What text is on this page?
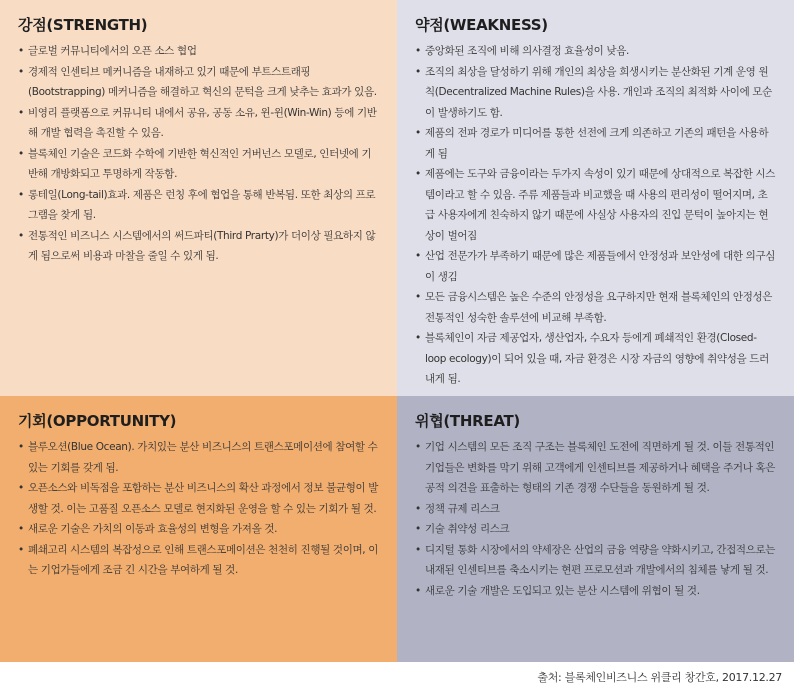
강점(STRENGTH)
• 글로벌 커뮤니티에서의 오픈 소스 협업
• 경제적 인센티브 메커니즘을 내재하고 있기 때문에 부트스트래핑(Bootstrapping) 메커니즘을 해결하고 혁신의 문턱을 크게 낮추는 효과가 있음.
• 비영리 플랫폼으로 커뮤니티 내에서 공유, 공동 소유, 윈-윈(Win-Win) 등에 기반해 개발 협력을 촉진할 수 있음.
• 블록체인 기술은 코드화 수학에 기반한 혁신적인 거버넌스 모델로, 인터넷에 기반해 개방화되고 투명하게 작동함.
• 롱테일(Long-tail)효과. 제품은 런칭 후에 협업을 통해 반복됨. 또한 최상의 프로그램을 찾게 됨.
• 전통적인 비즈니스 시스템에서의 써드파티(Third Prarty)가 더이상 필요하지 않게 됨으로써 비용과 마찰을 줄일 수 있게 됨.
약점(WEAKNESS)
• 중앙화된 조직에 비해 의사결정 효율성이 낮음.
• 조직의 최상을 달성하기 위해 개인의 최상을 희생시키는 분산화된 기계 운영 원칙(Decentralized Machine Rules)을 사용. 개인과 조직의 최적화 사이에 모순이 발생하기도 함.
• 제품의 전파 경로가 미디어를 통한 선전에 크게 의존하고 기존의 패턴을 사용하게 됨
• 제품에는 도구와 금융이라는 두가지 속성이 있기 때문에 상대적으로 복잡한 시스템이라고 할 수 있음. 주류 제품들과 비교했을 때 사용의 편리성이 떨어지며, 초급 사용자에게 친숙하지 않기 때문에 사실상 사용자의 진입 문턱이 높아지는 현상이 벌어짐
• 산업 전문가가 부족하기 때문에 많은 제품들에서 안정성과 보안성에 대한 의구심이 생김
• 모든 금융시스템은 높은 수준의 안정성을 요구하지만 현재 블록체인의 안정성은 전통적인 성숙한 솔루션에 비교해 부족함.
• 블록체인이 자금 제공업자, 생산업자, 수요자 등에게 폐쇄적인 환경(Closed-loop ecology)이 되어 있을 때, 자금 환경은 시장 자금의 영향에 취약성을 드러내게 됨.
기회(OPPORTUNITY)
• 블루오션(Blue Ocean). 가치있는 분산 비즈니스의 트랜스포메이션에 참여할 수 있는 기회를 갖게 됨.
• 오픈소스와 비독점을 포함하는 분산 비즈니스의 확산 과정에서 정보 불균형이 발생할 것. 이는 고품질 오픈소스 모델로 현지화된 운영을 할 수 있는 기회가 될 것.
• 새로운 기술은 가치의 이동과 효율성의 변형을 가져올 것.
• 폐쇄고리 시스템의 복잡성으로 인해 트랜스포메이션은 천천히 진행될 것이며, 이는 기업가들에게 조금 긴 시간을 부여하게 될 것.
위협(THREAT)
• 기업 시스템의 모든 조직 구조는 블록체인 도전에 직면하게 될 것. 이들 전통적인 기업들은 변화를 막기 위해 고객에게 인센티브를 제공하거나 혜택을 주거나 혹은 공적 의견을 표출하는 형태의 기존 경쟁 수단들을 동원하게 될 것.
• 정책 규제 리스크
• 기술 취약성 리스크
• 디지털 통화 시장에서의 약세장은 산업의 금융 역량을 약화시키고, 간접적으로는 내재된 인센티브를 축소시키는 현편 프로모션과 개발에서의 침체를 낳게 될 것.
• 새로운 기술 개발은 도입되고 있는 분산 시스템에 위협이 될 것.
출처: 블록체인비즈니스 위클리 창간호, 2017.12.27
